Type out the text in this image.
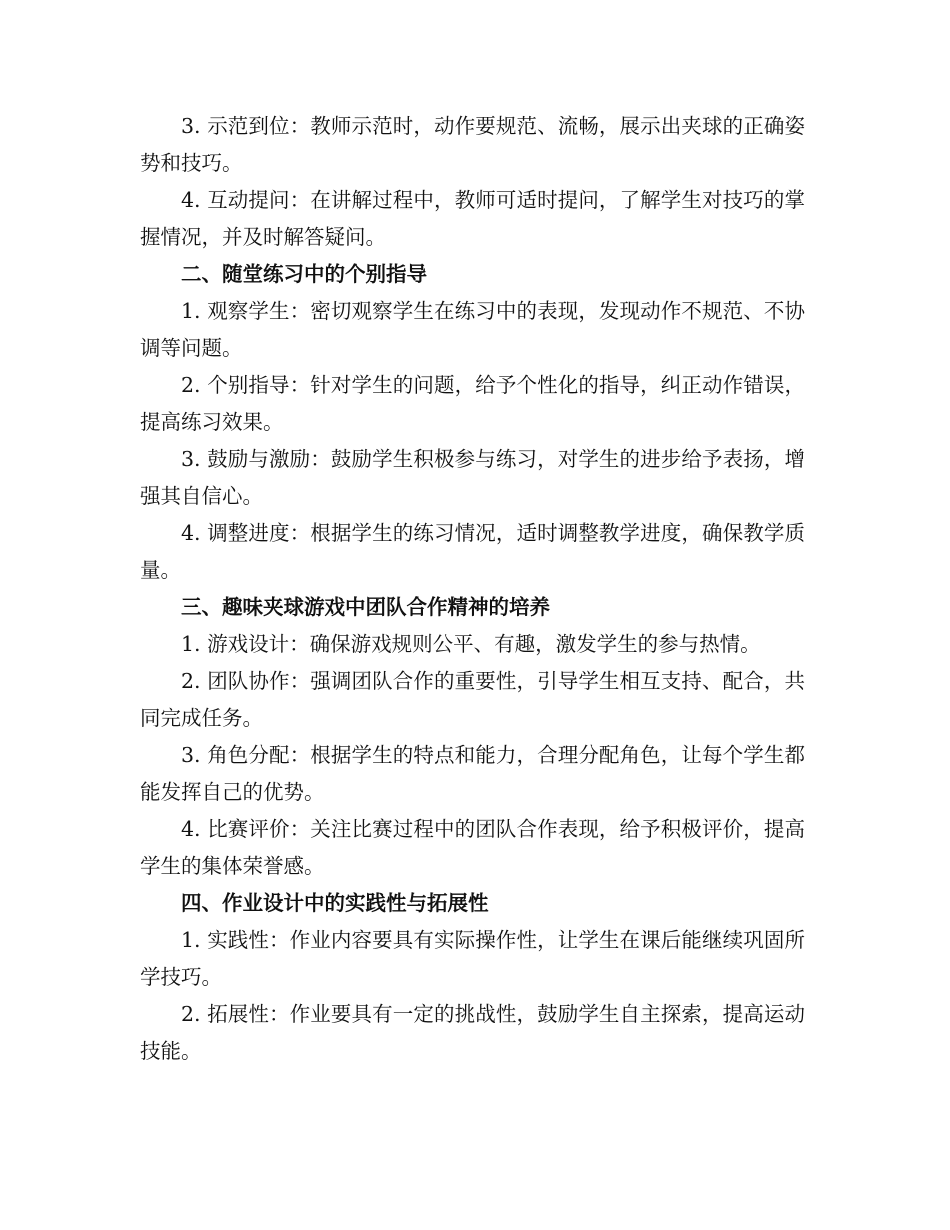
3. 示范到位：教师示范时，动作要规范、流畅，展示出夹球的正确姿势和技巧。

4. 互动提问：在讲解过程中，教师可适时提问，了解学生对技巧的掌握情况，并及时解答疑问。

二、随堂练习中的个别指导

1. 观察学生：密切观察学生在练习中的表现，发现动作不规范、不协调等问题。

2. 个别指导：针对学生的问题，给予个性化的指导，纠正动作错误，提高练习效果。

3. 鼓励与激励：鼓励学生积极参与练习，对学生的进步给予表扬，增强其自信心。

4. 调整进度：根据学生的练习情况，适时调整教学进度，确保教学质量。

三、趣味夹球游戏中团队合作精神的培养

1. 游戏设计：确保游戏规则公平、有趣，激发学生的参与热情。

2. 团队协作：强调团队合作的重要性，引导学生相互支持、配合，共同完成任务。

3. 角色分配：根据学生的特点和能力，合理分配角色，让每个学生都能发挥自己的优势。

4. 比赛评价：关注比赛过程中的团队合作表现，给予积极评价，提高学生的集体荣誉感。

四、作业设计中的实践性与拓展性

1. 实践性：作业内容要具有实际操作性，让学生在课后能继续巩固所学技巧。

2. 拓展性：作业要具有一定的挑战性，鼓励学生自主探索，提高运动技能。
